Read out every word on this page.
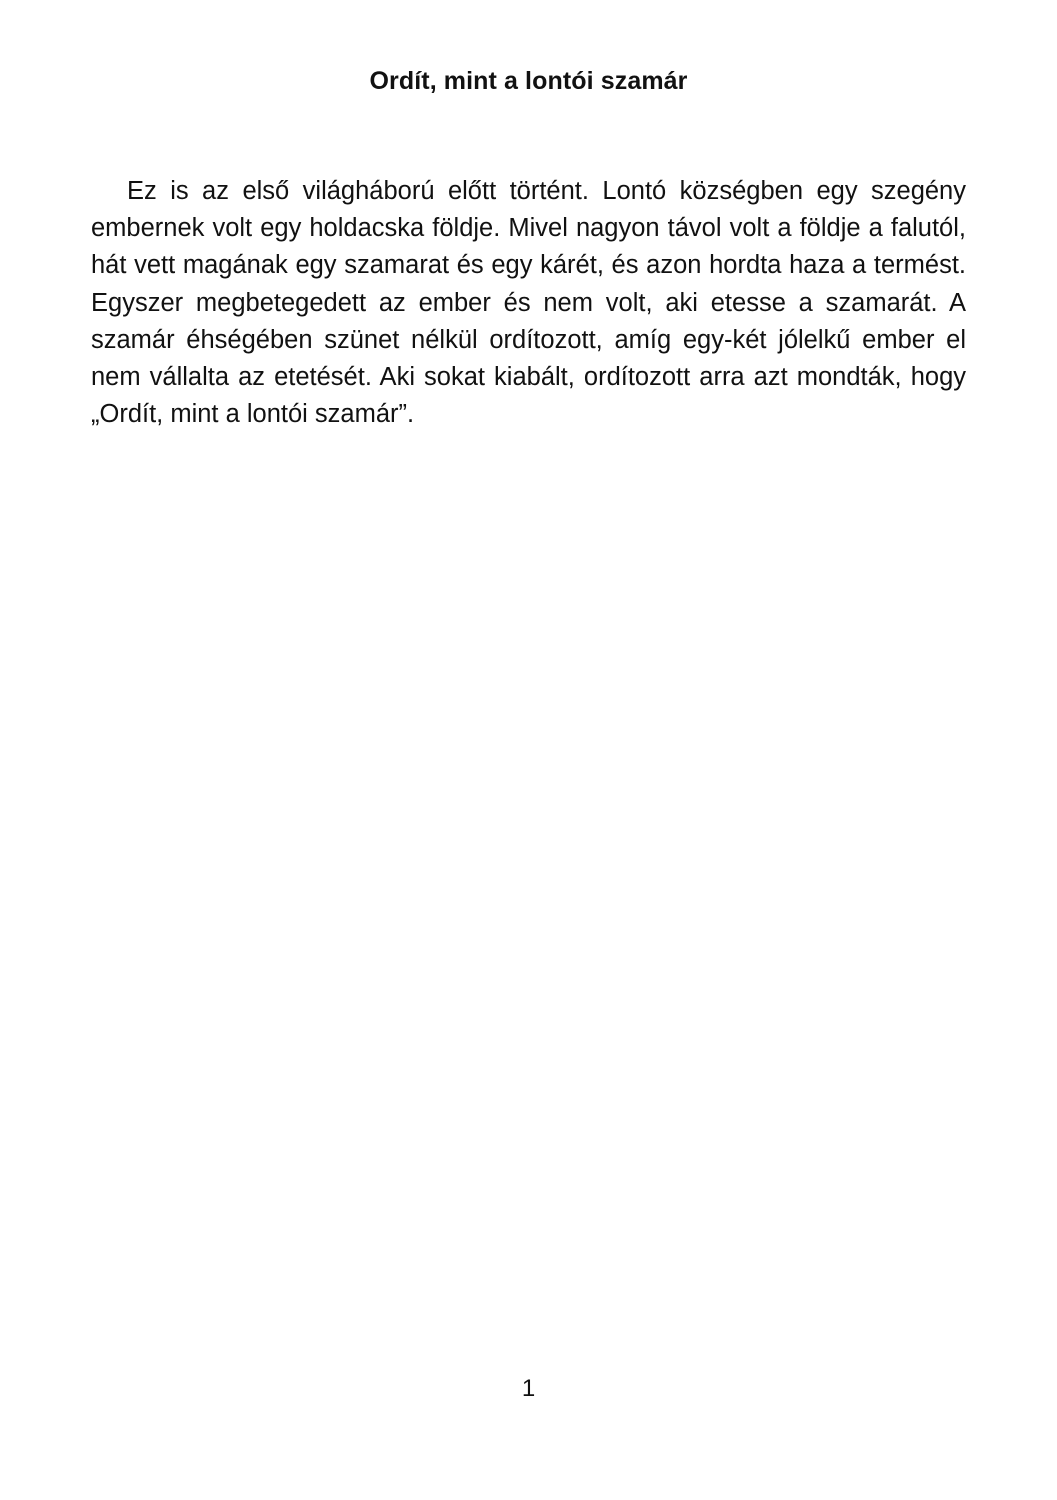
Ordít, mint a lontói szamár

Ez is az első világháború előtt történt. Lontó községben egy szegény embernek volt egy holdacska földje. Mivel nagyon távol volt a földje a falutól, hát vett magának egy szamarat és egy kárét, és azon hordta haza a termést. Egyszer megbetegedett az ember és nem volt, aki etesse a szamarát. A szamár éhségében szünet nélkül ordítozott, amíg egy-két jólelkű ember el nem vállalta az etetését. Aki sokat kiabált, ordítozott arra azt mondták, hogy „Ordít, mint a lontói szamár”.

1
